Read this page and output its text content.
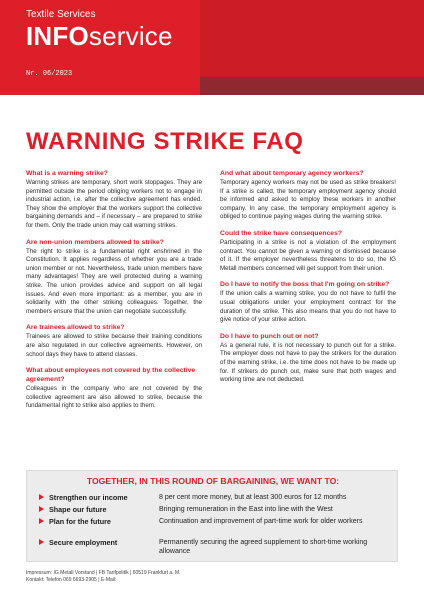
Textile Services
INFOservice
Nr. 06/2023
WARNING STRIKE FAQ
What is a warning strike?
Warning strikes are temporary, short work stoppages. They are permitted outside the period obliging workers not to engage in industrial action, i.e. after the collective agreement has ended. They show the employer that the workers support the collective bargaining demands and – if necessary – are prepared to strike for them. Only the trade union may call warning strikes.
Are non-union members allowed to strike?
The right to strike is a fundamental right enshrined in the Constitution. It applies regardless of whether you are a trade union member or not. Nevertheless, trade union members have many advantages! They are well protected during a warning strike. The union provides advice and support on all legal issues. And even more important: as a member, you are in solidarity with the other striking colleagues. Together, the members ensure that the union can negotiate successfully.
Are trainees allowed to strike?
Trainees are allowed to strike because their training conditions are also regulated in our collective agreements. However, on school days they have to attend classes.
What about employees not covered by the collective agreement?
Colleagues in the company who are not covered by the collective agreement are also allowed to strike, because the fundamental right to strike also applies to them.
And what about temporary agency workers?
Temporary agency workers may not be used as strike breakers! If a strike is called, the temporary employment agency should be informed and asked to employ these workers in another company. In any case, the temporary employment agency is obliged to continue paying wages during the warning strike.
Could the strike have consequences?
Participating in a strike is not a violation of the employment contract. You cannot be given a warning or dismissed because of it. If the employer nevertheless threatens to do so, the IG Metall members concerned will get support from their union.
Do I have to notify the boss that I'm going on strike?
If the union calls a warning strike, you do not have to fulfil the usual obligations under your employment contract for the duration of the strike. This also means that you do not have to give notice of your strike action.
Do I have to punch out or not?
As a general rule, it is not necessary to punch out for a strike. The employer does not have to pay the strikers for the duration of the warning strike, i.e. the time does not have to be made up for. If strikers do punch out, make sure that both wages and working time are not deducted.
TOGETHER, IN THIS ROUND OF BARGAINING, WE WANT TO:
Strengthen our income	8 per cent more money, but at least 300 euros for 12 months
Shape our future	Bringing remuneration in the East into line with the West
Plan for the future	Continuation and improvement of part-time work for older workers
Secure employment	Permanently securing the agreed supplement to short-time working allowance
Impressum: IG Metall Vorstand | FB Tarifpolitik | 60519 Frankfurt a. M.
Kontakt: Telefon 069 6693-2905 | E-Mail:
